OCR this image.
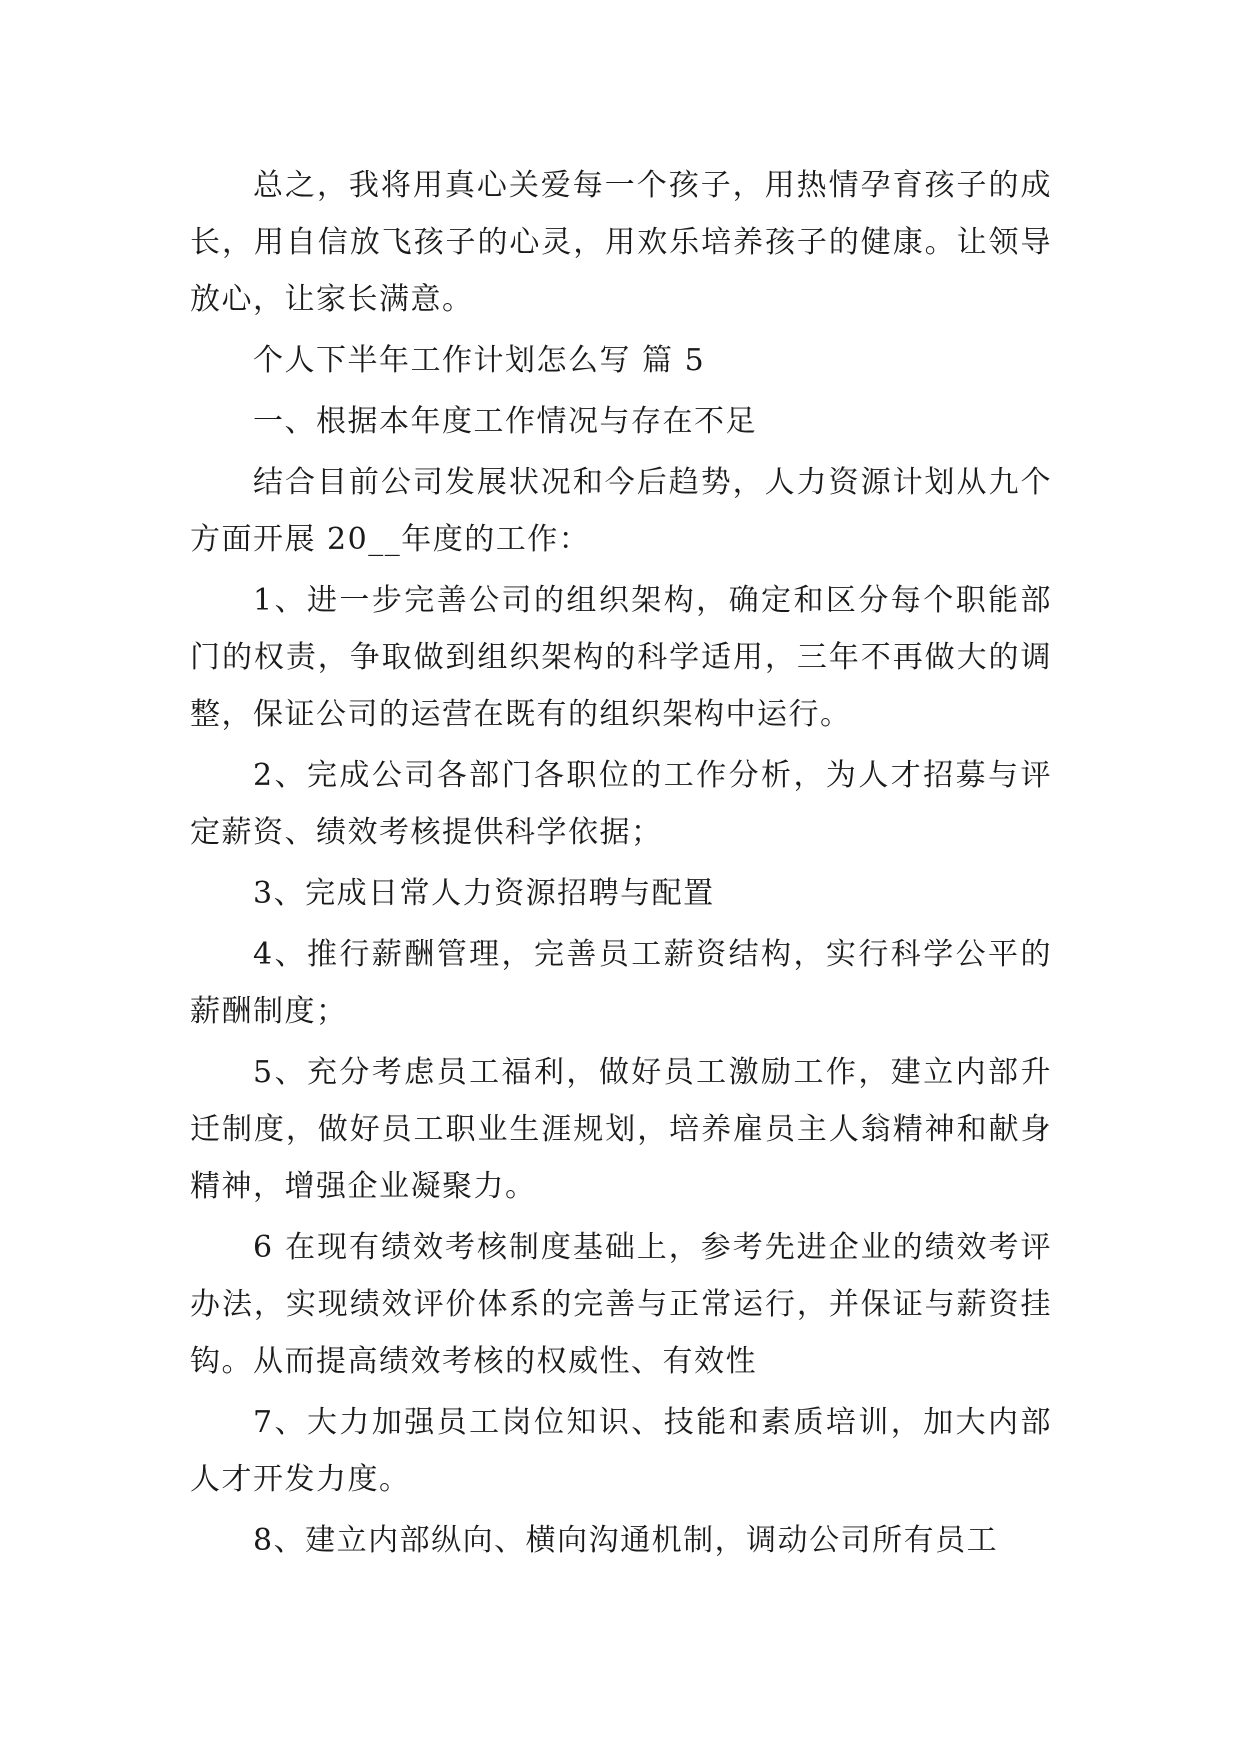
总之，我将用真心关爱每一个孩子，用热情孕育孩子的成长，用自信放飞孩子的心灵，用欢乐培养孩子的健康。让领导放心，让家长满意。

个人下半年工作计划怎么写 篇 5

一、根据本年度工作情况与存在不足

结合目前公司发展状况和今后趋势，人力资源计划从九个方面开展 20__年度的工作：

1、进一步完善公司的组织架构，确定和区分每个职能部门的权责，争取做到组织架构的科学适用，三年不再做大的调整，保证公司的运营在既有的组织架构中运行。

2、完成公司各部门各职位的工作分析，为人才招募与评定薪资、绩效考核提供科学依据；

3、完成日常人力资源招聘与配置

4、推行薪酬管理，完善员工薪资结构，实行科学公平的薪酬制度；

5、充分考虑员工福利，做好员工激励工作，建立内部升迁制度，做好员工职业生涯规划，培养雇员主人翁精神和献身精神，增强企业凝聚力。

6 在现有绩效考核制度基础上，参考先进企业的绩效考评办法，实现绩效评价体系的完善与正常运行，并保证与薪资挂钩。从而提高绩效考核的权威性、有效性

7、大力加强员工岗位知识、技能和素质培训，加大内部人才开发力度。

8、建立内部纵向、横向沟通机制，调动公司所有员工
